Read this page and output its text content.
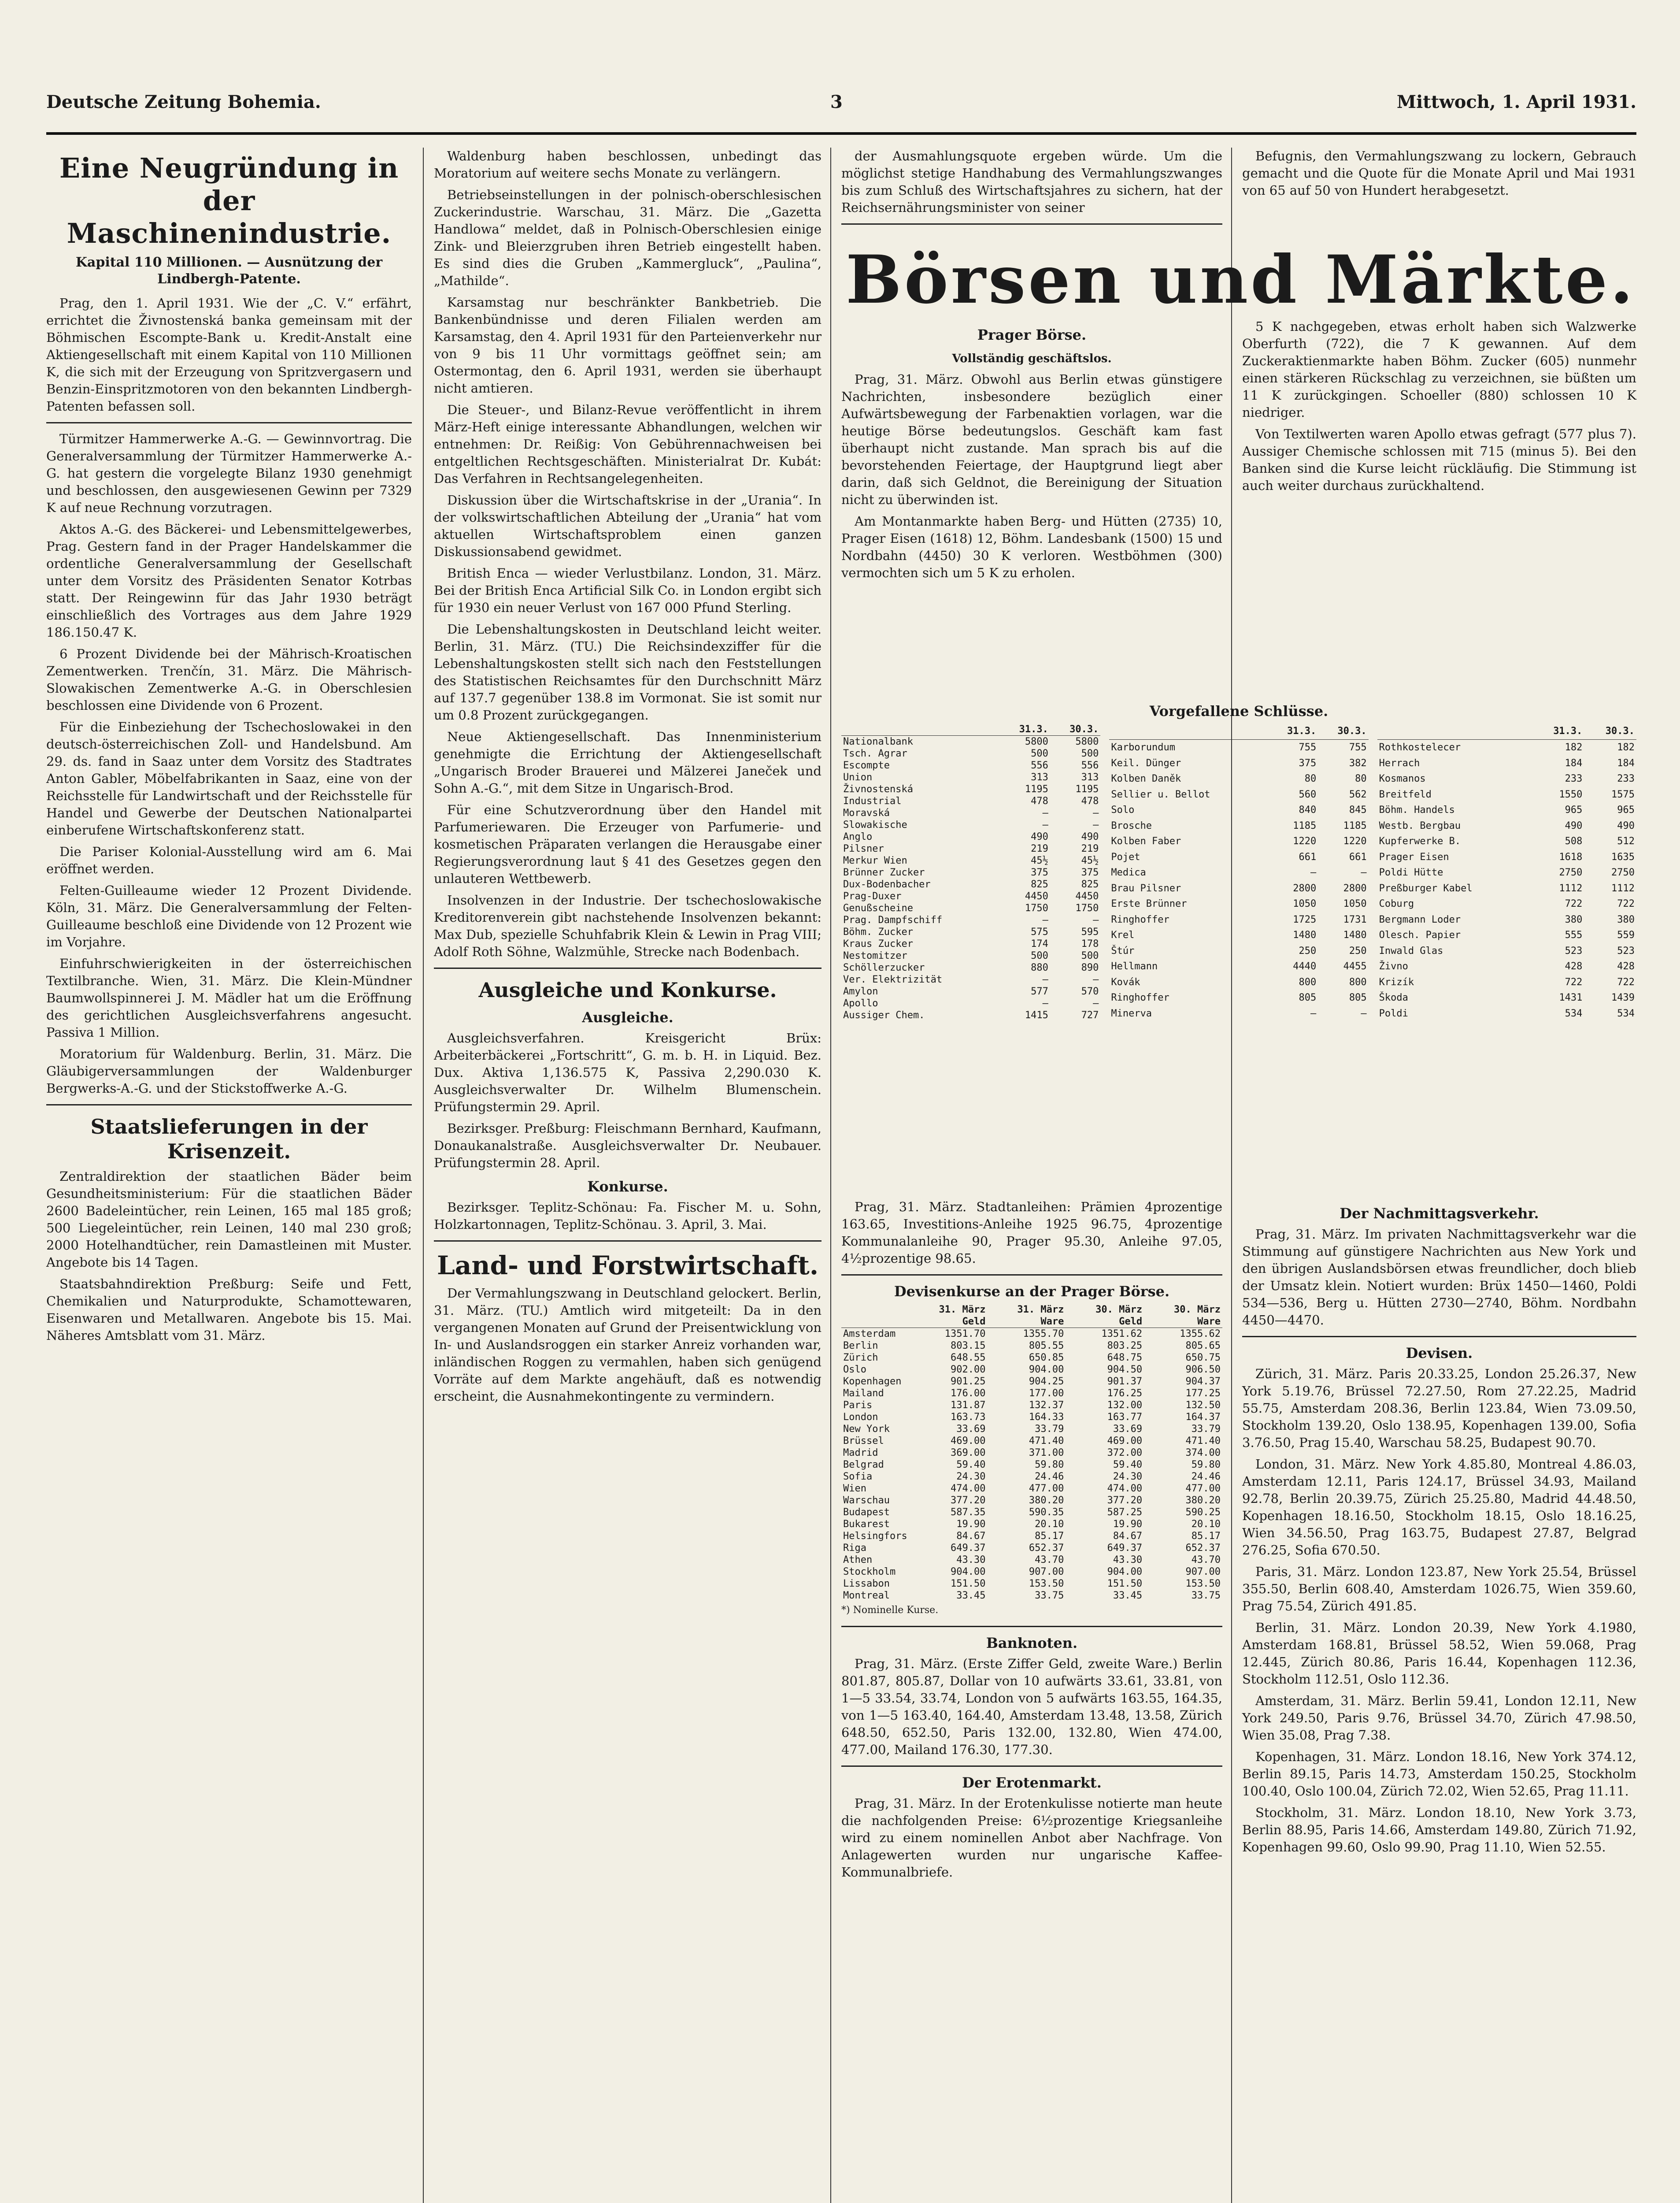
Deutsche Zeitung Bohemia.	3	Mittwoch, 1. April 1931.
Eine Neugründung in der Maschinenindustrie.
Kapital 110 Millionen. — Ausnützung der Lindbergh-Patente.

Prag, den 1. April 1931. Wie der „C. V.“ erfährt, errichtet die Živnostenská banka gemeinsam mit der Böhmischen Escompte-Bank u. Kredit-Anstalt eine Aktiengesellschaft mit einem Kapital von 110 Millionen K, die sich mit der Erzeugung von Spritzvergasern und Benzin-Einspritzmotoren von den bekannten Lindbergh-Patenten befassen soll.

Türmitzer Hammerwerke A.-G. — Gewinnvortrag. Die Generalversammlung der Türmitzer Hammerwerke A.-G. hat gestern die vorgelegte Bilanz 1930 genehmigt und beschlossen, den ausgewiesenen Gewinn per 7329 K auf neue Rechnung vorzutragen.

Aktos A.-G. des Bäckerei- und Lebensmittelgewerbes, Prag. Gestern fand in der Prager Handelskammer die ordentliche Generalversammlung der Gesellschaft unter dem Vorsitz des Präsidenten Senator Kotrbas statt. Der Reingewinn für das Jahr 1930 beträgt einschließlich des Vortrages aus dem Jahre 1929 186.150.47 K.

6 Prozent Dividende bei der Mährisch-Kroatischen Zementwerken. Trenčín, 31. März. Die Mährisch-Slowakischen Zementwerke A.-G. in Oberschlesien beschlossen eine Dividende von 6 Prozent.

Für die Einbeziehung der Tschechoslowakei in den deutsch-österreichischen Zoll- und Handelsbund. Am 29. ds. fand in Saaz unter dem Vorsitz des Stadtrates Anton Gabler, Möbelfabrikanten in Saaz, eine von der Reichsstelle für Landwirtschaft und der Reichsstelle für Handel und Gewerbe der Deutschen Nationalpartei einberufene Wirtschaftskonferenz statt.

Die Pariser Kolonial-Ausstellung wird am 6. Mai eröffnet werden.

Felten-Guilleaume wieder 12 Prozent Dividende. Köln, 31. März. Die Generalversammlung der Felten-Guilleaume beschloß eine Dividende von 12 Prozent wie im Vorjahre.

Einfuhrschwierigkeiten in der österreichischen Textilbranche. Wien, 31. März. Die Klein-Mündner Baumwollspinnerei J. M. Mädler hat um die Eröffnung des gerichtlichen Ausgleichsverfahrens angesucht. Passiva 1 Million.

Moratorium für Waldenburg. Berlin, 31. März. Die Gläubigerversammlungen der Waldenburger Bergwerks-A.-G. und der Stickstoffwerke A.-G.

Staatslieferungen in der Krisenzeit.

Zentraldirektion der staatlichen Bäder beim Gesundheitsministerium: Für die staatlichen Bäder 2600 Badeleintücher, rein Leinen, 165 mal 185 groß; 500 Liegeleintücher, rein Leinen, 140 mal 230 groß; 2000 Hotelhandtücher, rein Damastleinen mit Muster. Angebote bis 14 Tagen.

Staatsbahndirektion Preßburg: Seife und Fett, Chemikalien und Naturprodukte, Schamottewaren, Eisenwaren und Metallwaren. Angebote bis 15. Mai. Näheres Amtsblatt vom 31. März.

Waldenburg haben beschlossen, unbedingt das Moratorium auf weitere sechs Monate zu verlängern.

Betriebseinstellungen in der polnisch-oberschlesischen Zuckerindustrie. Warschau, 31. März. Die „Gazetta Handlowa“ meldet, daß in Polnisch-Oberschlesien einige Zink- und Bleierzgruben ihren Betrieb eingestellt haben. Es sind dies die Gruben „Kammergluck“, „Paulina“, „Mathilde“.

Karsamstag nur beschränkter Bankbetrieb. Die Bankenbündnisse und deren Filialen werden am Karsamstag, den 4. April 1931 für den Parteienverkehr nur von 9 bis 11 Uhr vormittags geöffnet sein; am Ostermontag, den 6. April 1931, werden sie überhaupt nicht amtieren.

Die Steuer-, und Bilanz-Revue veröffentlicht in ihrem März-Heft einige interessante Abhandlungen, welchen wir entnehmen: Dr. Reißig: Von Gebührennachweisen bei entgeltlichen Rechtsgeschäften. Ministerialrat Dr. Kubát: Das Verfahren in Rechtsangelegenheiten.

Diskussion über die Wirtschaftskrise in der „Urania“. In der volkswirtschaftlichen Abteilung der „Urania“ hat vom aktuellen Wirtschaftsproblem einen ganzen Diskussionsabend gewidmet.

British Enca — wieder Verlustbilanz. London, 31. März. Bei der British Enca Artificial Silk Co. in London ergibt sich für 1930 ein neuer Verlust von 167 000 Pfund Sterling.

Die Lebenshaltungskosten in Deutschland leicht weiter. Berlin, 31. März. (TU.) Die Reichsindexziffer für die Lebenshaltungskosten stellt sich nach den Feststellungen des Statistischen Reichsamtes für den Durchschnitt März auf 137.7 gegenüber 138.8 im Vormonat. Sie ist somit nur um 0.8 Prozent zurückgegangen.

Neue Aktiengesellschaft. Das Innenministerium genehmigte die Errichtung der Aktiengesellschaft „Ungarisch Broder Brauerei und Mälzerei Janeček und Sohn A.-G.“, mit dem Sitze in Ungarisch-Brod.

Für eine Schutzverordnung über den Handel mit Parfumeriewaren. Die Erzeuger von Parfumerie- und kosmetischen Präparaten verlangen die Herausgabe einer Regierungsverordnung laut § 41 des Gesetzes gegen den unlauteren Wettbewerb.

Insolvenzen in der Industrie. Der tschechoslowakische Kreditorenverein gibt nachstehende Insolvenzen bekannt: Max Dub, spezielle Schuhfabrik Klein & Lewin in Prag VIII; Adolf Roth Söhne, Walzmühle, Strecke nach Bodenbach.

Ausgleiche und Konkurse.
Ausgleiche.

Ausgleichsverfahren. Kreisgericht Brüx: Arbeiterbäckerei „Fortschritt“, G. m. b. H. in Liquid. Bez. Dux. Aktiva 1,136.575 K, Passiva 2,290.030 K. Ausgleichsverwalter Dr. Wilhelm Blumenschein. Prüfungstermin 29. April.

Bezirksger. Preßburg: Fleischmann Bernhard, Kaufmann, Donaukanalstraße. Ausgleichsverwalter Dr. Neubauer. Prüfungstermin 28. April.

Konkurse.

Bezirksger. Teplitz-Schönau: Fa. Fischer M. u. Sohn, Holzkartonnagen, Teplitz-Schönau. 3. April, 3. Mai.

Land- und Forstwirtschaft.

Der Vermahlungszwang in Deutschland gelockert. Berlin, 31. März. (TU.) Amtlich wird mitgeteilt: Da in den vergangenen Monaten auf Grund der Preisentwicklung von In- und Auslandsroggen ein starker Anreiz vorhanden war, inländischen Roggen zu vermahlen, haben sich genügend Vorräte auf dem Markte angehäuft, daß es notwendig erscheint, die Ausnahmekontingente zu vermindern.

der Ausmahlungsquote ergeben würde. Um die möglichst stetige Handhabung des Vermahlungszwanges bis zum Schluß des Wirtschaftsjahres zu sichern, hat der Reichsernährungsminister von seiner

Börsen und Märkte.
Prager Börse.
Vollständig geschäftslos.

Prag, 31. März. Obwohl aus Berlin etwas günstigere Nachrichten, insbesondere bezüglich einer Aufwärtsbewegung der Farbenaktien vorlagen, war die heutige Börse bedeutungslos. Geschäft kam fast überhaupt nicht zustande. Man sprach bis auf die bevorstehenden Feiertage, der Hauptgrund liegt aber darin, daß sich Geldnot, die Bereinigung der Situation nicht zu überwinden ist.

Am Montanmarkte haben Berg- und Hütten (2735) 10, Prager Eisen (1618) 12, Böhm. Landesbank (1500) 15 und Nordbahn (4450) 30 K verloren. Westböhmen (300) vermochten sich um 5 K zu erholen.

Befugnis, den Vermahlungszwang zu lockern, Gebrauch gemacht und die Quote für die Monate April und Mai 1931 von 65 auf 50 von Hundert herabgesetzt.

5 K nachgegeben, etwas erholt haben sich Walzwerke Oberfurth (722), die 7 K gewannen. Auf dem Zuckeraktienmarkte haben Böhm. Zucker (605) nunmehr einen stärkeren Rückschlag zu verzeichnen, sie büßten um 11 K zurückgingen. Schoeller (880) schlossen 10 K niedriger.

Von Textilwerten waren Apollo etwas gefragt (577 plus 7). Aussiger Chemische schlossen mit 715 (minus 5). Bei den Banken sind die Kurse leicht rückläufig. Die Stimmung ist auch weiter durchaus zurückhaltend.

Vorgefallene Schlüsse.
	31.3.	30.3.
Nationalbank	5800	5800
Tsch. Agrar	500	500
Escompte	556	556
Union	313	313
Živnostenská	1195	1195
Industrial	478	478
Moravská	—	—
Slowakische	—	—
Anglo	490	490
Pilsner	219	219
Merkur Wien	45½	45½
Brünner Zucker	375	375
Dux-Bodenbacher	825	825
Prag-Duxer	4450	4450
Genußscheine	1750	1750
Prag. Dampfschiff	—	—
Böhm. Zucker	575	595
Kraus Zucker	174	178
Nestomitzer	500	500
Schöllerzucker	880	890
Ver. Elektrizität	—	—
Amylon	577	570
Apollo	—	—
Aussiger Chem.	1415	727
	31.3.	30.3.
Karborundum	755	755
Keil. Dünger	375	382
Kolben Daněk	80	80
Sellier u. Bellot	560	562
Solo	840	845
Brosche	1185	1185
Kolben Faber	1220	1220
Pojet	661	661
Medica	—	—
Brau Pilsner	2800	2800
Erste Brünner	1050	1050
Ringhoffer	1725	1731
Krel	1480	1480
Štúr	250	250
Hellmann	4440	4455
Kovák	800	800
Ringhoffer	805	805
Minerva	—	—
	31.3.	30.3.
Rothkostelecer	182	182
Herrach	184	184
Kosmanos	233	233
Breitfeld	1550	1575
Böhm. Handels	965	965
Westb. Bergbau	490	490
Kupferwerke B.	508	512
Prager Eisen	1618	1635
Poldi Hütte	2750	2750
Preßburger Kabel	1112	1112
Coburg	722	722
Bergmann Loder	380	380
Olesch. Papier	555	559
Inwald Glas	523	523
Živno	428	428
Krizík	722	722
Škoda	1431	1439
Poldi	534	534

Prag, 31. März. Stadtanleihen: Prämien 4prozentige 163.65, Investitions-Anleihe 1925 96.75, 4prozentige Kommunalanleihe 90, Prager 95.30, Anleihe 97.05, 4½prozentige 98.65.

Devisenkurse an der Prager Börse.
	31. März Geld	31. März Ware	30. März Geld	30. März Ware
Amsterdam	1351.70	1355.70	1351.62	1355.62
Berlin	803.15	805.55	803.25	805.65
Zürich	648.55	650.85	648.75	650.75
Oslo	902.00	904.00	904.50	906.50
Kopenhagen	901.25	904.25	901.37	904.37
Mailand	176.00	177.00	176.25	177.25
Paris	131.87	132.37	132.00	132.50
London	163.73	164.33	163.77	164.37
New York	33.69	33.79	33.69	33.79
Brüssel	469.00	471.40	469.00	471.40
Madrid	369.00	371.00	372.00	374.00
Belgrad	59.40	59.80	59.40	59.80
Sofia	24.30	24.46	24.30	24.46
Wien	474.00	477.00	474.00	477.00
Warschau	377.20	380.20	377.20	380.20
Budapest	587.35	590.35	587.25	590.25
Bukarest	19.90	20.10	19.90	20.10
Helsingfors	84.67	85.17	84.67	85.17
Riga	649.37	652.37	649.37	652.37
Athen	43.30	43.70	43.30	43.70
Stockholm	904.00	907.00	904.00	907.00
Lissabon	151.50	153.50	151.50	153.50
Montreal	33.45	33.75	33.45	33.75
*) Nominelle Kurse.
Banknoten.

Prag, 31. März. (Erste Ziffer Geld, zweite Ware.) Berlin 801.87, 805.87, Dollar von 10 aufwärts 33.61, 33.81, von 1—5 33.54, 33.74, London von 5 aufwärts 163.55, 164.35, von 1—5 163.40, 164.40, Amsterdam 13.48, 13.58, Zürich 648.50, 652.50, Paris 132.00, 132.80, Wien 474.00, 477.00, Mailand 176.30, 177.30.

Der Erotenmarkt.

Prag, 31. März. In der Erotenkulisse notierte man heute die nachfolgenden Preise: 6½prozentige Kriegsanleihe wird zu einem nominellen Anbot aber Nachfrage. Von Anlagewerten wurden nur ungarische Kaffee-Kommunalbriefe.

Der Nachmittagsverkehr.

Prag, 31. März. Im privaten Nachmittagsverkehr war die Stimmung auf günstigere Nachrichten aus New York und den übrigen Auslandsbörsen etwas freundlicher, doch blieb der Umsatz klein. Notiert wurden: Brüx 1450—1460, Poldi 534—536, Berg u. Hütten 2730—2740, Böhm. Nordbahn 4450—4470.

Devisen.

Zürich, 31. März. Paris 20.33.25, London 25.26.37, New York 5.19.76, Brüssel 72.27.50, Rom 27.22.25, Madrid 55.75, Amsterdam 208.36, Berlin 123.84, Wien 73.09.50, Stockholm 139.20, Oslo 138.95, Kopenhagen 139.00, Sofia 3.76.50, Prag 15.40, Warschau 58.25, Budapest 90.70.

London, 31. März. New York 4.85.80, Montreal 4.86.03, Amsterdam 12.11, Paris 124.17, Brüssel 34.93, Mailand 92.78, Berlin 20.39.75, Zürich 25.25.80, Madrid 44.48.50, Kopenhagen 18.16.50, Stockholm 18.15, Oslo 18.16.25, Wien 34.56.50, Prag 163.75, Budapest 27.87, Belgrad 276.25, Sofia 670.50.

Paris, 31. März. London 123.87, New York 25.54, Brüssel 355.50, Berlin 608.40, Amsterdam 1026.75, Wien 359.60, Prag 75.54, Zürich 491.85.

Berlin, 31. März. London 20.39, New York 4.1980, Amsterdam 168.81, Brüssel 58.52, Wien 59.068, Prag 12.445, Zürich 80.86, Paris 16.44, Kopenhagen 112.36, Stockholm 112.51, Oslo 112.36.

Amsterdam, 31. März. Berlin 59.41, London 12.11, New York 249.50, Paris 9.76, Brüssel 34.70, Zürich 47.98.50, Wien 35.08, Prag 7.38.

Kopenhagen, 31. März. London 18.16, New York 374.12, Berlin 89.15, Paris 14.73, Amsterdam 150.25, Stockholm 100.40, Oslo 100.04, Zürich 72.02, Wien 52.65, Prag 11.11.

Stockholm, 31. März. London 18.10, New York 3.73, Berlin 88.95, Paris 14.66, Amsterdam 149.80, Zürich 71.92, Kopenhagen 99.60, Oslo 99.90, Prag 11.10, Wien 52.55.
